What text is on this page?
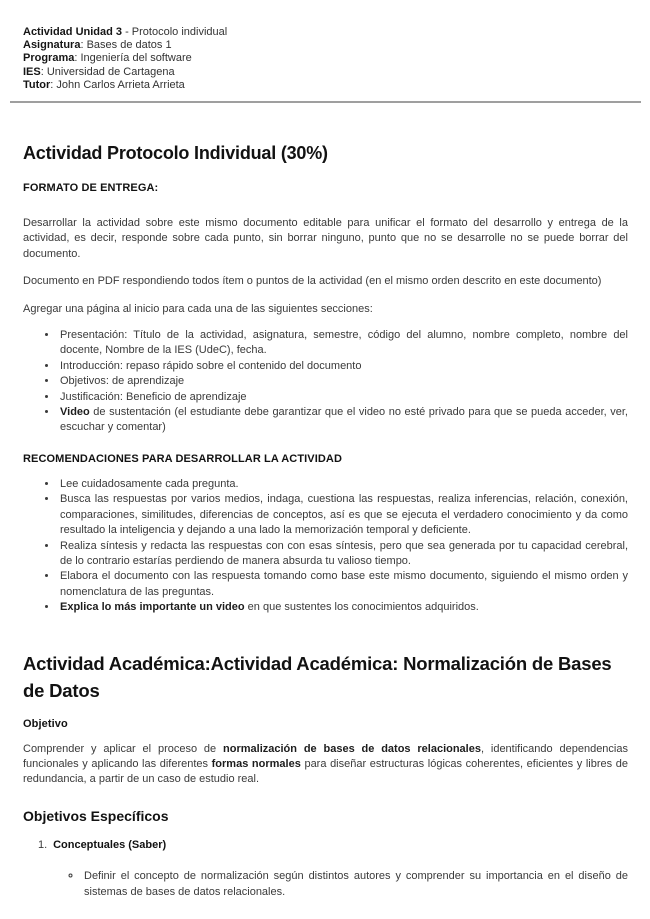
Actividad Unidad 3 - Protocolo individual

Asignatura: Bases de datos 1

Programa: Ingeniería del software

IES: Universidad de Cartagena

Tutor: John Carlos Arrieta Arrieta

Actividad Protocolo Individual (30%)
FORMATO DE ENTREGA:

Desarrollar la actividad sobre este mismo documento editable para unificar el formato del desarrollo y entrega de la actividad, es decir, responde sobre cada punto, sin borrar ninguno, punto que no se desarrolle no se puede borrar del documento.

Documento en PDF respondiendo todos ítem o puntos de la actividad (en el mismo orden descrito en este documento)

Agregar una página al inicio para cada una de las siguientes secciones:

• Presentación: Título de la actividad, asignatura, semestre, código del alumno, nombre completo, nombre del docente, Nombre de la IES (UdeC), fecha.
• Introducción: repaso rápido sobre el contenido del documento
• Objetivos: de aprendizaje
• Justificación: Beneficio de aprendizaje
• Video de sustentación (el estudiante debe garantizar que el video no esté privado para que se pueda acceder, ver, escuchar y comentar)
RECOMENDACIONES PARA DESARROLLAR LA ACTIVIDAD
• Lee cuidadosamente cada pregunta.
• Busca las respuestas por varios medios, indaga, cuestiona las respuestas, realiza inferencias, relación, conexión, comparaciones, similitudes, diferencias de conceptos, así es que se ejecuta el verdadero conocimiento y da como resultado la inteligencia y dejando a una lado la memorización temporal y deficiente.
• Realiza síntesis y redacta las respuestas con con esas síntesis, pero que sea generada por tu capacidad cerebral, de lo contrario estarías perdiendo de manera absurda tu valioso tiempo.
• Elabora el documento con las respuesta tomando como base este mismo documento, siguiendo el mismo orden y nomenclatura de las preguntas.
• Explica lo más importante un video en que sustentes los conocimientos adquiridos.
Actividad Académica:Actividad Académica: Normalización de Bases de Datos
Objetivo

Comprender y aplicar el proceso de normalización de bases de datos relacionales, identificando dependencias funcionales y aplicando las diferentes formas normales para diseñar estructuras lógicas coherentes, eficientes y libres de redundancia, a partir de un caso de estudio real.

Objetivos Específicos
1. Conceptuales (Saber)
◦ Definir el concepto de normalización según distintos autores y comprender su importancia en el diseño de sistemas de bases de datos relacionales.
